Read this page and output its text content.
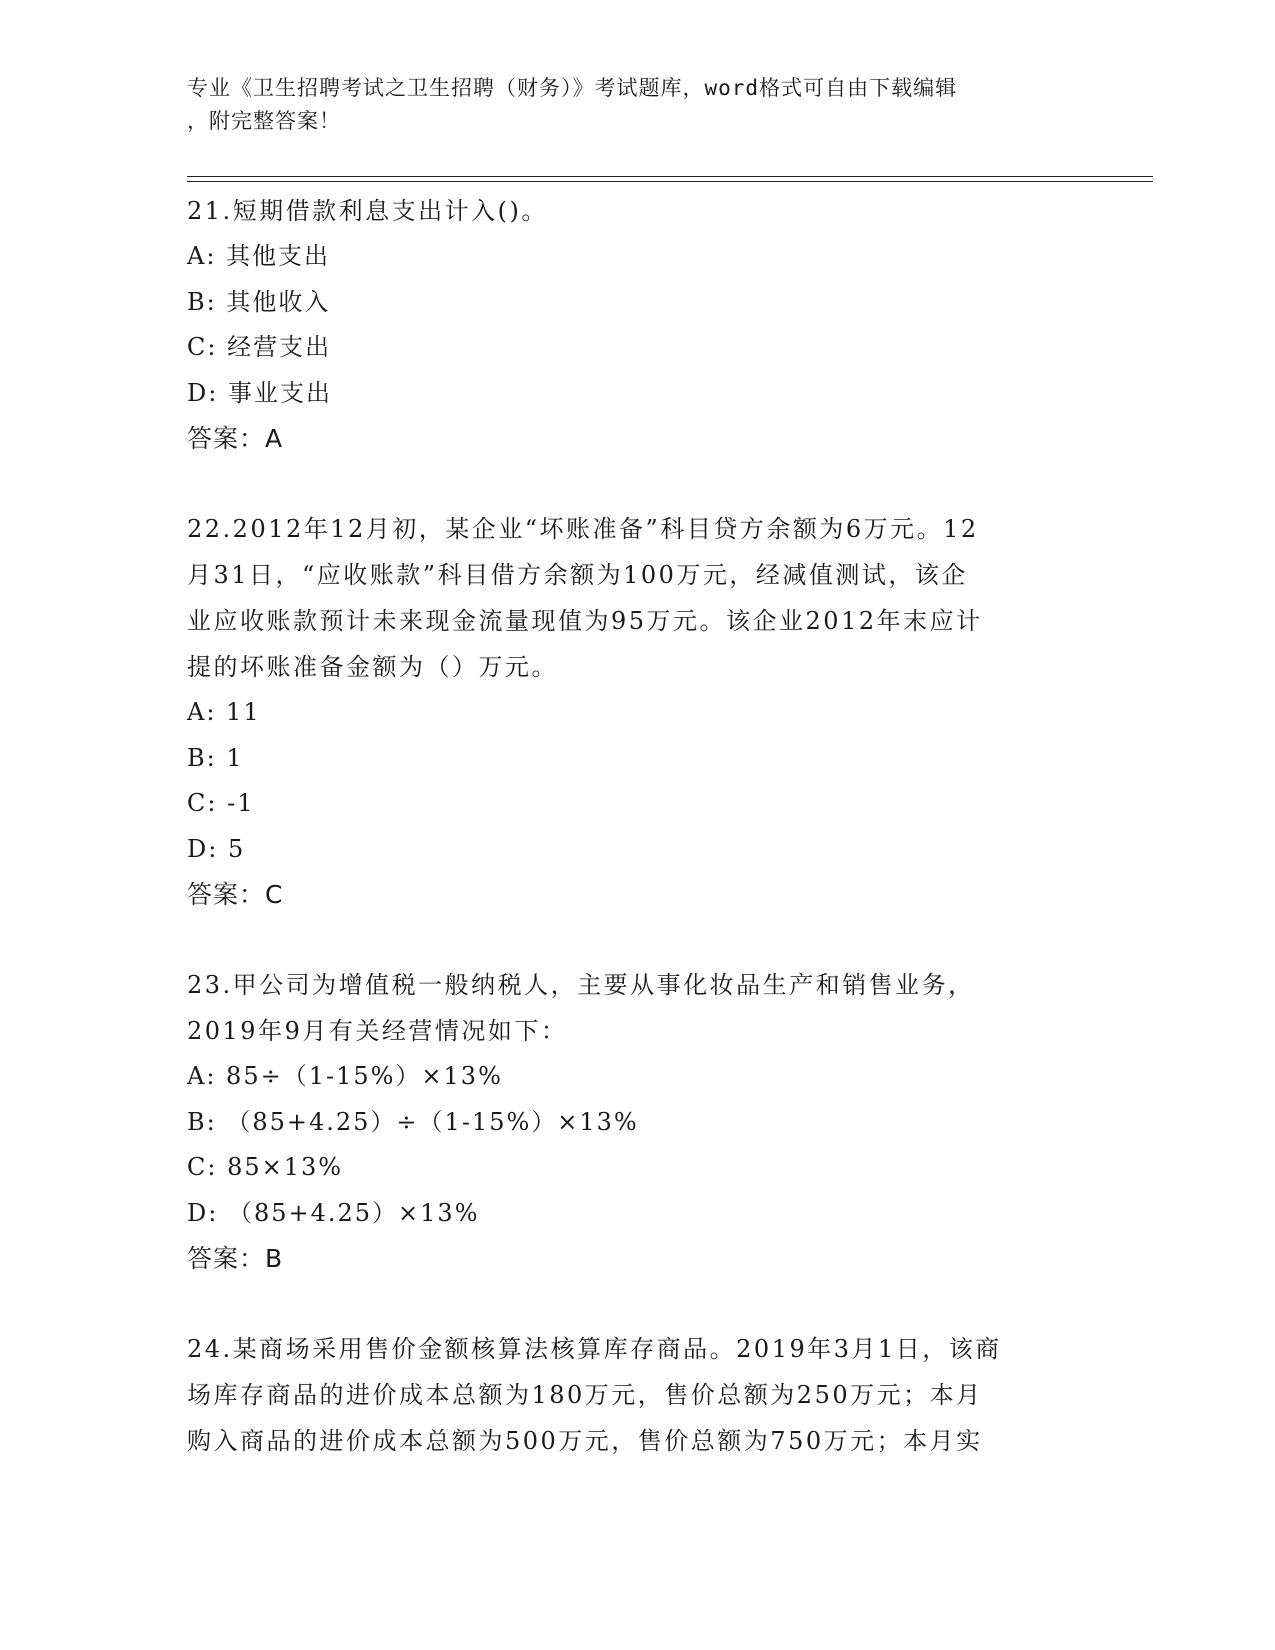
专业《卫生招聘考试之卫生招聘（财务）》考试题库，word格式可自由下载编辑
，附完整答案！
21.短期借款利息支出计入()。
A: 其他支出
B: 其他收入
C: 经营支出
D: 事业支出
答案：A
22.2012年12月初，某企业“坏账准备”科目贷方余额为6万元。12
月31日，“应收账款”科目借方余额为100万元，经减值测试，该企
业应收账款预计未来现金流量现值为95万元。该企业2012年末应计
提的坏账准备金额为（）万元。
A: 11
B: 1
C: -1
D: 5
答案：C
23.甲公司为增值税一般纳税人，主要从事化妆品生产和销售业务，
2019年9月有关经营情况如下：
A: 85÷（1-15%）×13%
B: （85+4.25）÷（1-15%）×13%
C: 85×13%
D: （85+4.25）×13%
答案：B
24.某商场采用售价金额核算法核算库存商品。2019年3月1日，该商
场库存商品的进价成本总额为180万元，售价总额为250万元；本月
购入商品的进价成本总额为500万元，售价总额为750万元；本月实
